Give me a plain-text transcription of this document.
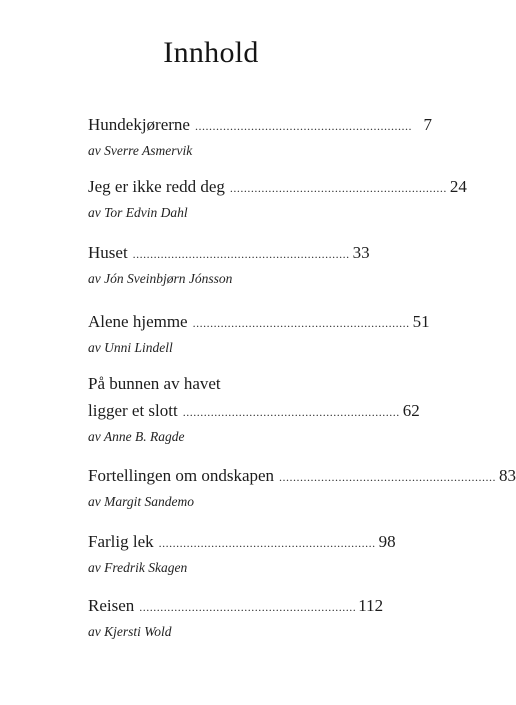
Innhold
Hundekjørerne .............................................................. 7
av Sverre Asmervik
Jeg er ikke redd deg .............................................................. 24
av Tor Edvin Dahl
Huset .............................................................. 33
av Jón Sveinbjørn Jónsson
Alene hjemme .............................................................. 51
av Unni Lindell
På bunnen av havet
ligger et slott .............................................................. 62
av Anne B. Ragde
Fortellingen om ondskapen .............................................................. 83
av Margit Sandemo
Farlig lek .............................................................. 98
av Fredrik Skagen
Reisen .............................................................. 112
av Kjersti Wold
